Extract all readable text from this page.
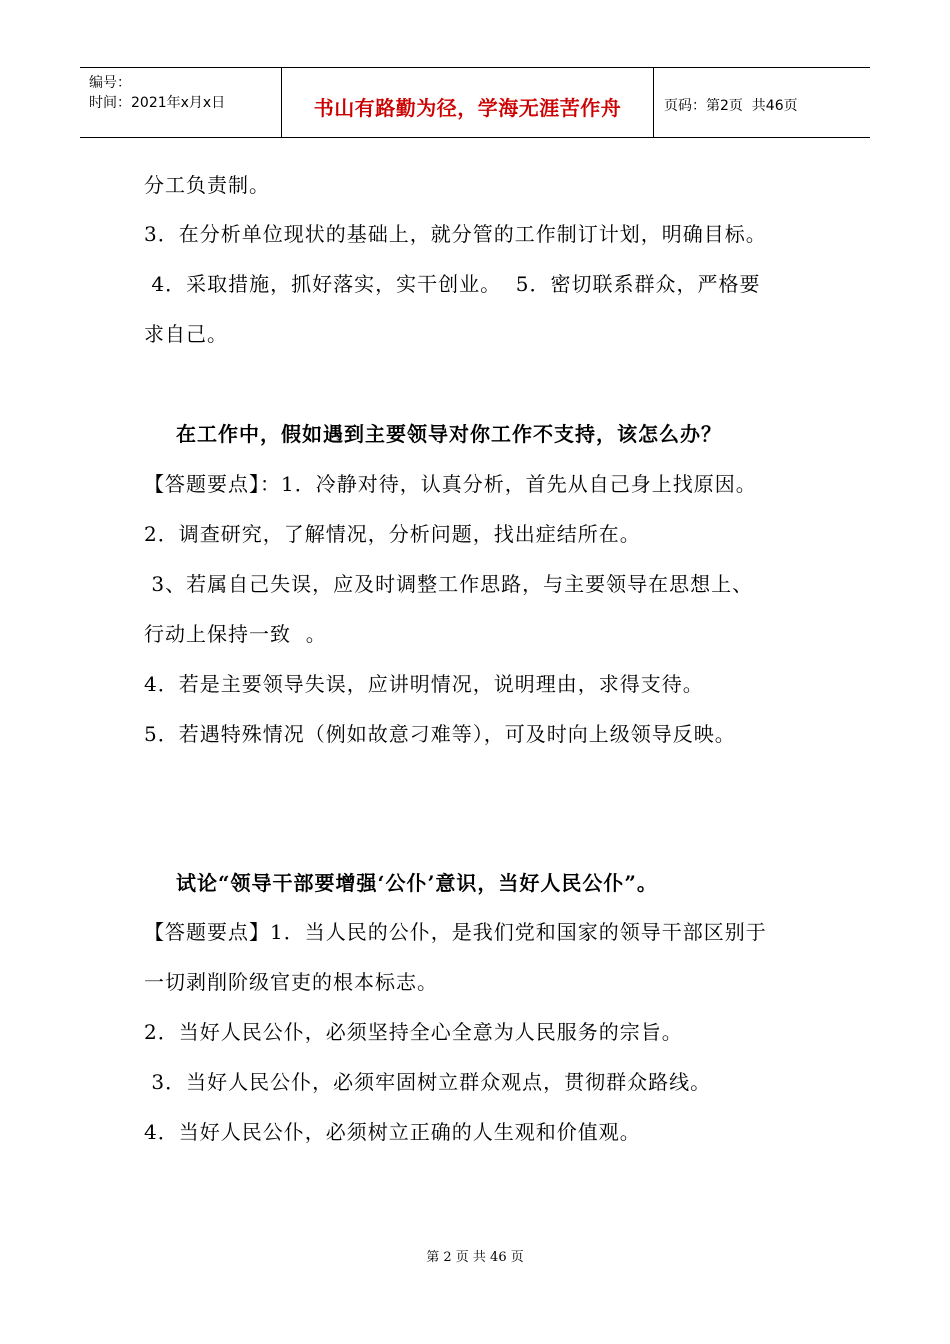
编号：
时间：2021年x月x日	书山有路勤为径，学海无涯苦作舟	页码：第2页  共46页
分工负责制。
3．在分析单位现状的基础上，就分管的工作制订计划，明确目标。
4．采取措施，抓好落实，实干创业。  5．密切联系群众，严格要
求自己。
在工作中，假如遇到主要领导对你工作不支持，该怎么办？
【答题要点】：1．冷静对待，认真分析，首先从自己身上找原因。
2．调查研究，了解情况，分析问题，找出症结所在。
3、若属自己失误，应及时调整工作思路，与主要领导在思想上、
行动上保持一致  。
4．若是主要领导失误，应讲明情况，说明理由，求得支待。
5．若遇特殊情况（例如故意刁难等），可及时向上级领导反映。
试论“领导干部要增强‘公仆’意识，当好人民公仆”。
【答题要点】1．当人民的公仆，是我们党和国家的领导干部区别于
一切剥削阶级官吏的根本标志。
2．当好人民公仆，必须坚持全心全意为人民服务的宗旨。
3．当好人民公仆，必须牢固树立群众观点，贯彻群众路线。
4．当好人民公仆，必须树立正确的人生观和价值观。
第 2 页 共 46 页
